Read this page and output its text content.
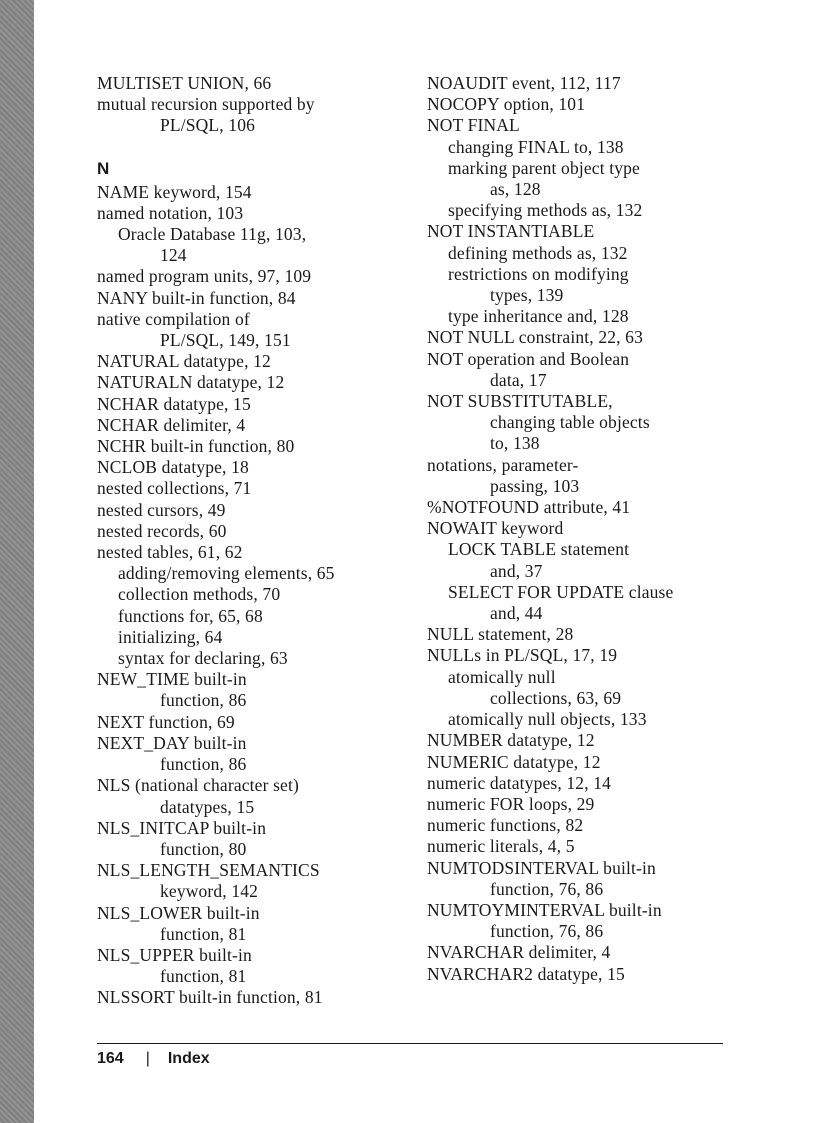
MULTISET UNION, 66
mutual recursion supported by
PL/SQL, 106
N
NAME keyword, 154
named notation, 103
Oracle Database 11g, 103,
124
named program units, 97, 109
NANY built-in function, 84
native compilation of
PL/SQL, 149, 151
NATURAL datatype, 12
NATURALN datatype, 12
NCHAR datatype, 15
NCHAR delimiter, 4
NCHR built-in function, 80
NCLOB datatype, 18
nested collections, 71
nested cursors, 49
nested records, 60
nested tables, 61, 62
adding/removing elements, 65
collection methods, 70
functions for, 65, 68
initializing, 64
syntax for declaring, 63
NEW_TIME built-in
function, 86
NEXT function, 69
NEXT_DAY built-in
function, 86
NLS (national character set)
datatypes, 15
NLS_INITCAP built-in
function, 80
NLS_LENGTH_SEMANTICS
keyword, 142
NLS_LOWER built-in
function, 81
NLS_UPPER built-in
function, 81
NLSSORT built-in function, 81
NOAUDIT event, 112, 117
NOCOPY option, 101
NOT FINAL
changing FINAL to, 138
marking parent object type
as, 128
specifying methods as, 132
NOT INSTANTIABLE
defining methods as, 132
restrictions on modifying
types, 139
type inheritance and, 128
NOT NULL constraint, 22, 63
NOT operation and Boolean
data, 17
NOT SUBSTITUTABLE,
changing table objects
to, 138
notations, parameter-
passing, 103
%NOTFOUND attribute, 41
NOWAIT keyword
LOCK TABLE statement
and, 37
SELECT FOR UPDATE clause
and, 44
NULL statement, 28
NULLs in PL/SQL, 17, 19
atomically null
collections, 63, 69
atomically null objects, 133
NUMBER datatype, 12
NUMERIC datatype, 12
numeric datatypes, 12, 14
numeric FOR loops, 29
numeric functions, 82
numeric literals, 4, 5
NUMTODSINTERVAL built-in
function, 76, 86
NUMTOYMINTERVAL built-in
function, 76, 86
NVARCHAR delimiter, 4
NVARCHAR2 datatype, 15
164 | Index
